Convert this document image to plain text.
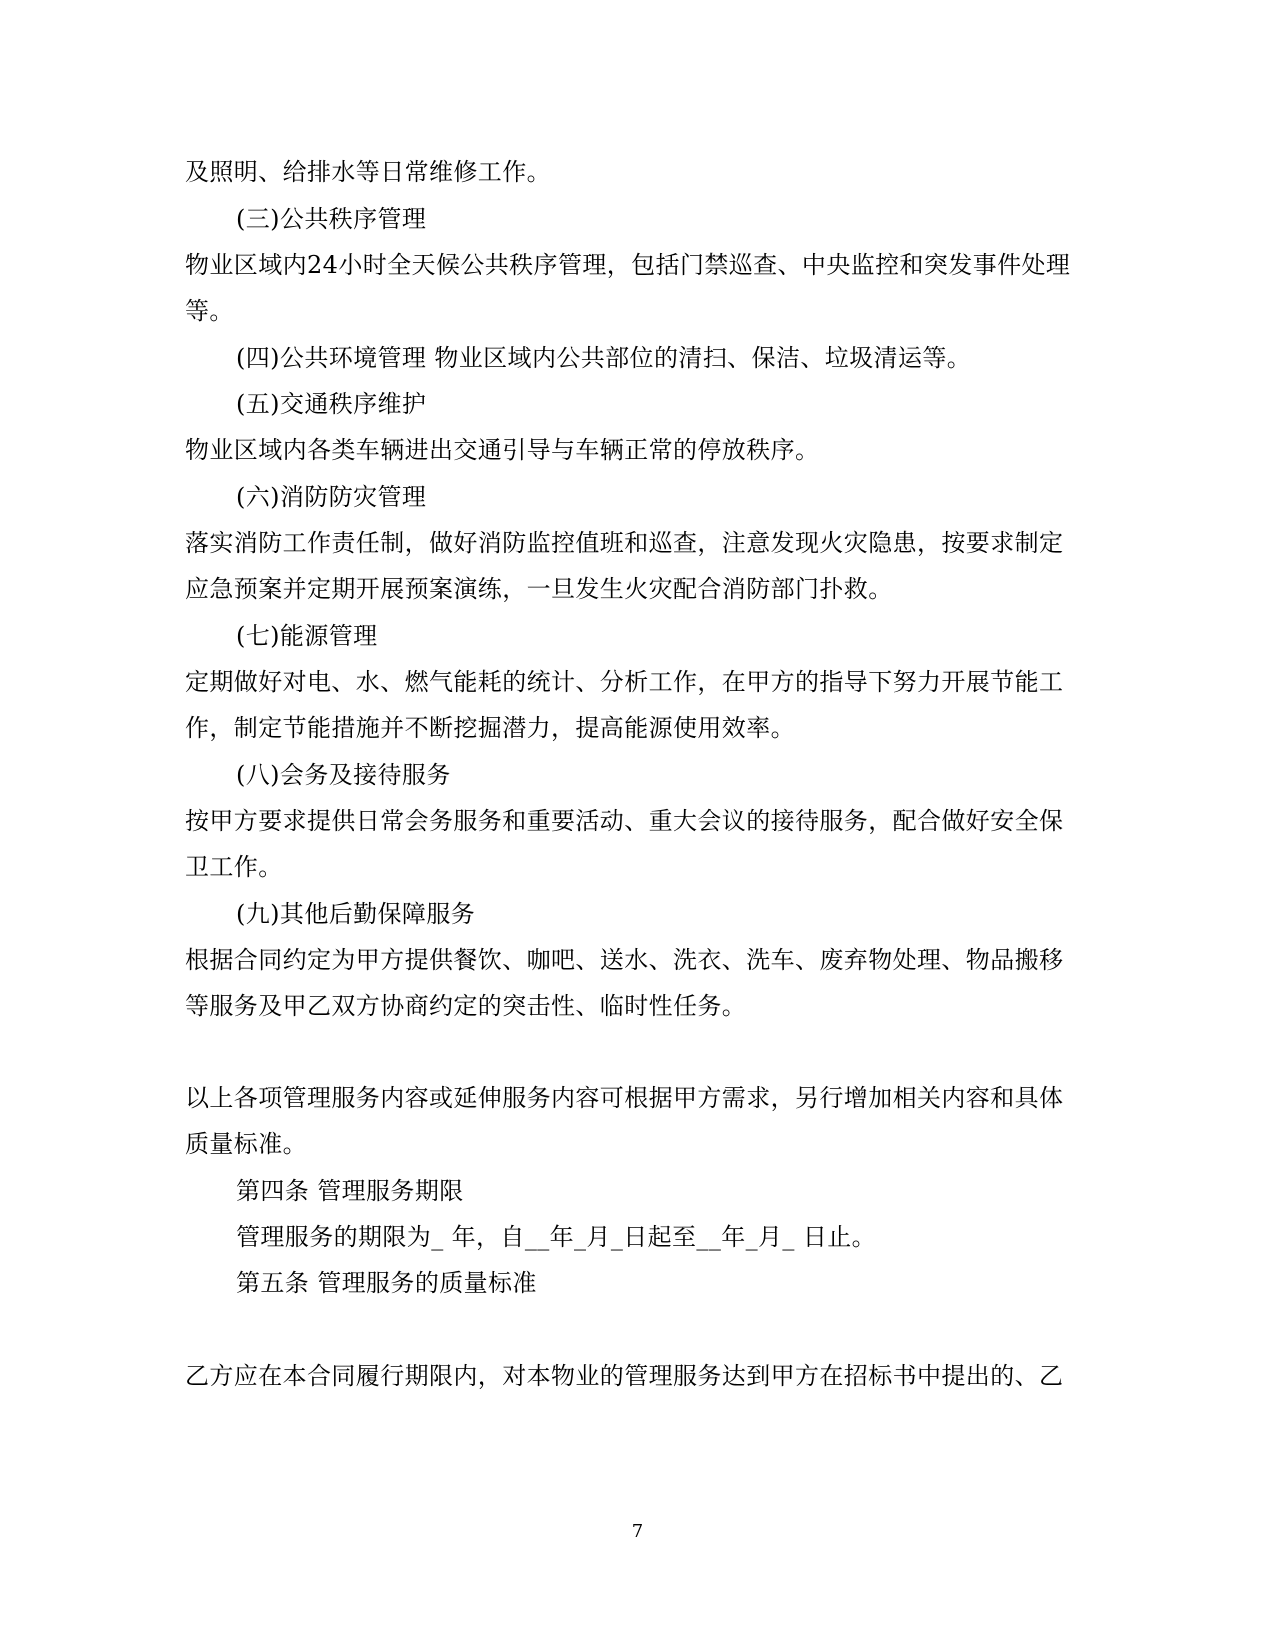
及照明、给排水等日常维修工作。
(三)公共秩序管理
物业区域内24小时全天候公共秩序管理，包括门禁巡查、中央监控和突发事件处理
等。
(四)公共环境管理 物业区域内公共部位的清扫、保洁、垃圾清运等。
(五)交通秩序维护
物业区域内各类车辆进出交通引导与车辆正常的停放秩序。
(六)消防防灾管理
落实消防工作责任制，做好消防监控值班和巡查，注意发现火灾隐患，按要求制定
应急预案并定期开展预案演练，一旦发生火灾配合消防部门扑救。
(七)能源管理
定期做好对电、水、燃气能耗的统计、分析工作，在甲方的指导下努力开展节能工
作，制定节能措施并不断挖掘潜力，提高能源使用效率。
(八)会务及接待服务
按甲方要求提供日常会务服务和重要活动、重大会议的接待服务，配合做好安全保
卫工作。
(九)其他后勤保障服务
根据合同约定为甲方提供餐饮、咖吧、送水、洗衣、洗车、废弃物处理、物品搬移
等服务及甲乙双方协商约定的突击性、临时性任务。
以上各项管理服务内容或延伸服务内容可根据甲方需求，另行增加相关内容和具体
质量标准。
第四条 管理服务期限
管理服务的期限为_ 年，自__年_月_日起至__年_月_ 日止。
第五条 管理服务的质量标准
乙方应在本合同履行期限内，对本物业的管理服务达到甲方在招标书中提出的、乙
7
